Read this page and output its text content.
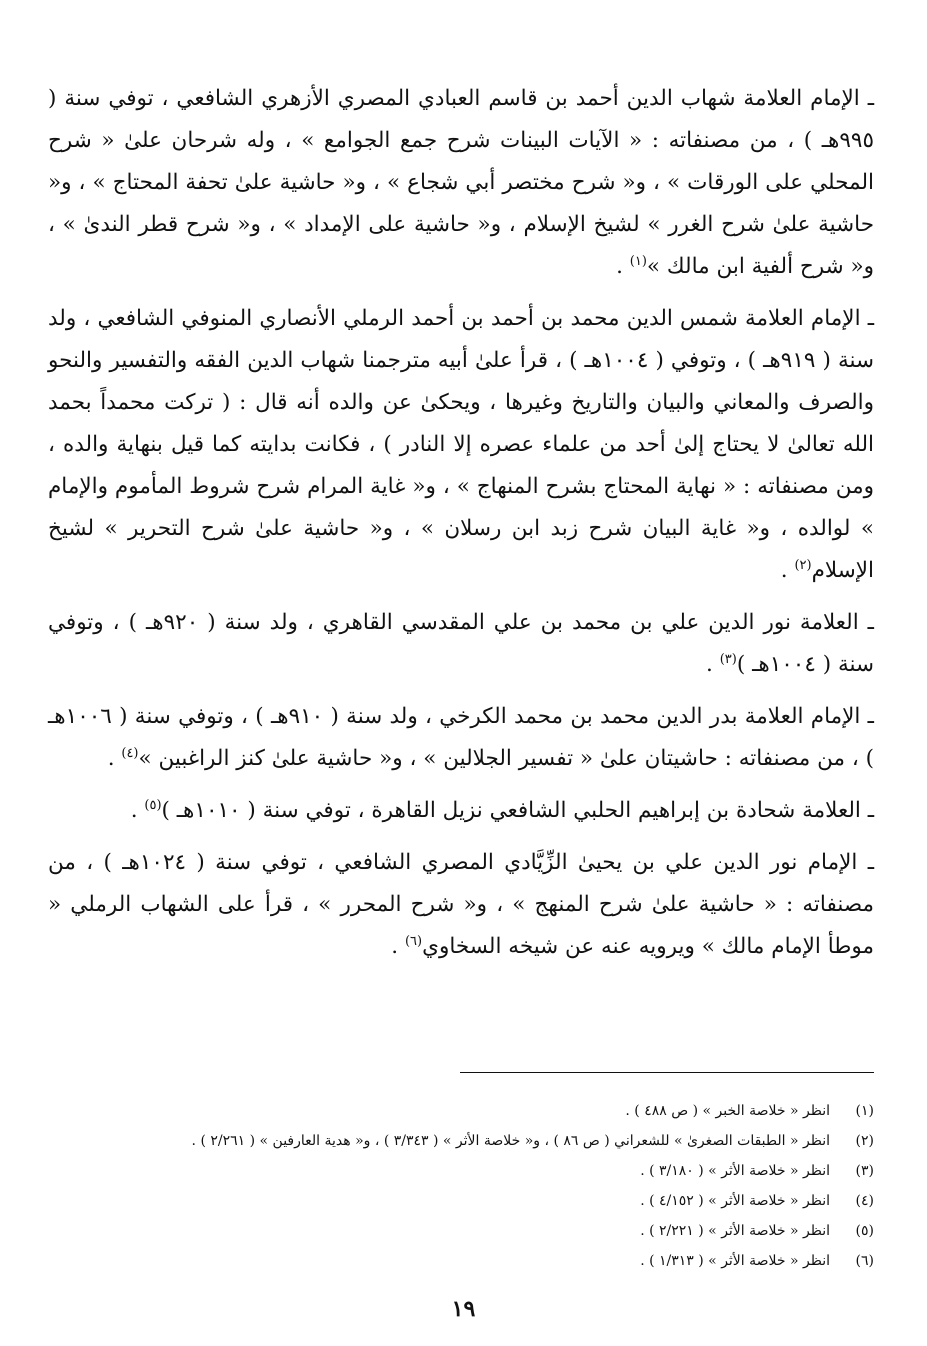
ـ الإمام العلامة شهاب الدين أحمد بن قاسم العبادي المصري الأزهري الشافعي ، توفي سنة ( ٩٩٥هـ ) ، من مصنفاته : « الآيات البينات شرح جمع الجوامع » ، وله شرحان علىٰ « شرح المحلي على الورقات » ، و« شرح مختصر أبي شجاع » ، و« حاشية علىٰ تحفة المحتاج » ، و« حاشية علىٰ شرح الغرر » لشيخ الإسلام ، و« حاشية على الإمداد » ، و« شرح قطر الندىٰ » ، و« شرح ألفية ابن مالك »$^{(١)}$ .

ـ الإمام العلامة شمس الدين محمد بن أحمد بن أحمد الرملي الأنصاري المنوفي الشافعي ، ولد سنة ( ٩١٩هـ ) ، وتوفي ( ١٠٠٤هـ ) ، قرأ علىٰ أبيه مترجمنا شهاب الدين الفقه والتفسير والنحو والصرف والمعاني والبيان والتاريخ وغيرها ، ويحكىٰ عن والده أنه قال : ( تركت محمداً بحمد الله تعالىٰ لا يحتاج إلىٰ أحد من علماء عصره إلا النادر ) ، فكانت بدايته كما قيل بنهاية والده ، ومن مصنفاته : « نهاية المحتاج بشرح المنهاج » ، و« غاية المرام شرح شروط المأموم والإمام » لوالده ، و« غاية البيان شرح زبد ابن رسلان » ، و« حاشية علىٰ شرح التحرير » لشيخ الإسلام$^{(٢)}$ .

ـ العلامة نور الدين علي بن محمد بن علي المقدسي القاهري ، ولد سنة ( ٩٢٠هـ ) ، وتوفي سنة ( ١٠٠٤هـ )$^{(٣)}$ .

ـ الإمام العلامة بدر الدين محمد بن محمد الكرخي ، ولد سنة ( ٩١٠هـ ) ، وتوفي سنة ( ١٠٠٦هـ ) ، من مصنفاته : حاشيتان علىٰ « تفسير الجلالين » ، و« حاشية علىٰ كنز الراغبين »$^{(٤)}$ .

ـ العلامة شحادة بن إبراهيم الحلبي الشافعي نزيل القاهرة ، توفي سنة ( ١٠١٠هـ )$^{(٥)}$ .

ـ الإمام نور الدين علي بن يحيىٰ الزِّيَّادي المصري الشافعي ، توفي سنة ( ١٠٢٤هـ ) ، من مصنفاته : « حاشية علىٰ شرح المنهج » ، و« شرح المحرر » ، قرأ على الشهاب الرملي « موطأ الإمام مالك » ويرويه عنه عن شيخه السخاوي$^{(٦)}$ .

(١)
انظر « خلاصة الخبر » ( ص ٤٨٨ ) .
(٢)
انظر « الطبقات الصغرىٰ » للشعراني ( ص ٨٦ ) ، و« خلاصة الأثر » ( ٣/٣٤٣ ) ، و« هدية العارفين » ( ٢/٢٦١ ) .
(٣)
انظر « خلاصة الأثر » ( ٣/١٨٠ ) .
(٤)
انظر « خلاصة الأثر » ( ٤/١٥٢ ) .
(٥)
انظر « خلاصة الأثر » ( ٢/٢٢١ ) .
(٦)
انظر « خلاصة الأثر » ( ١/٣١٣ ) .
١٩
